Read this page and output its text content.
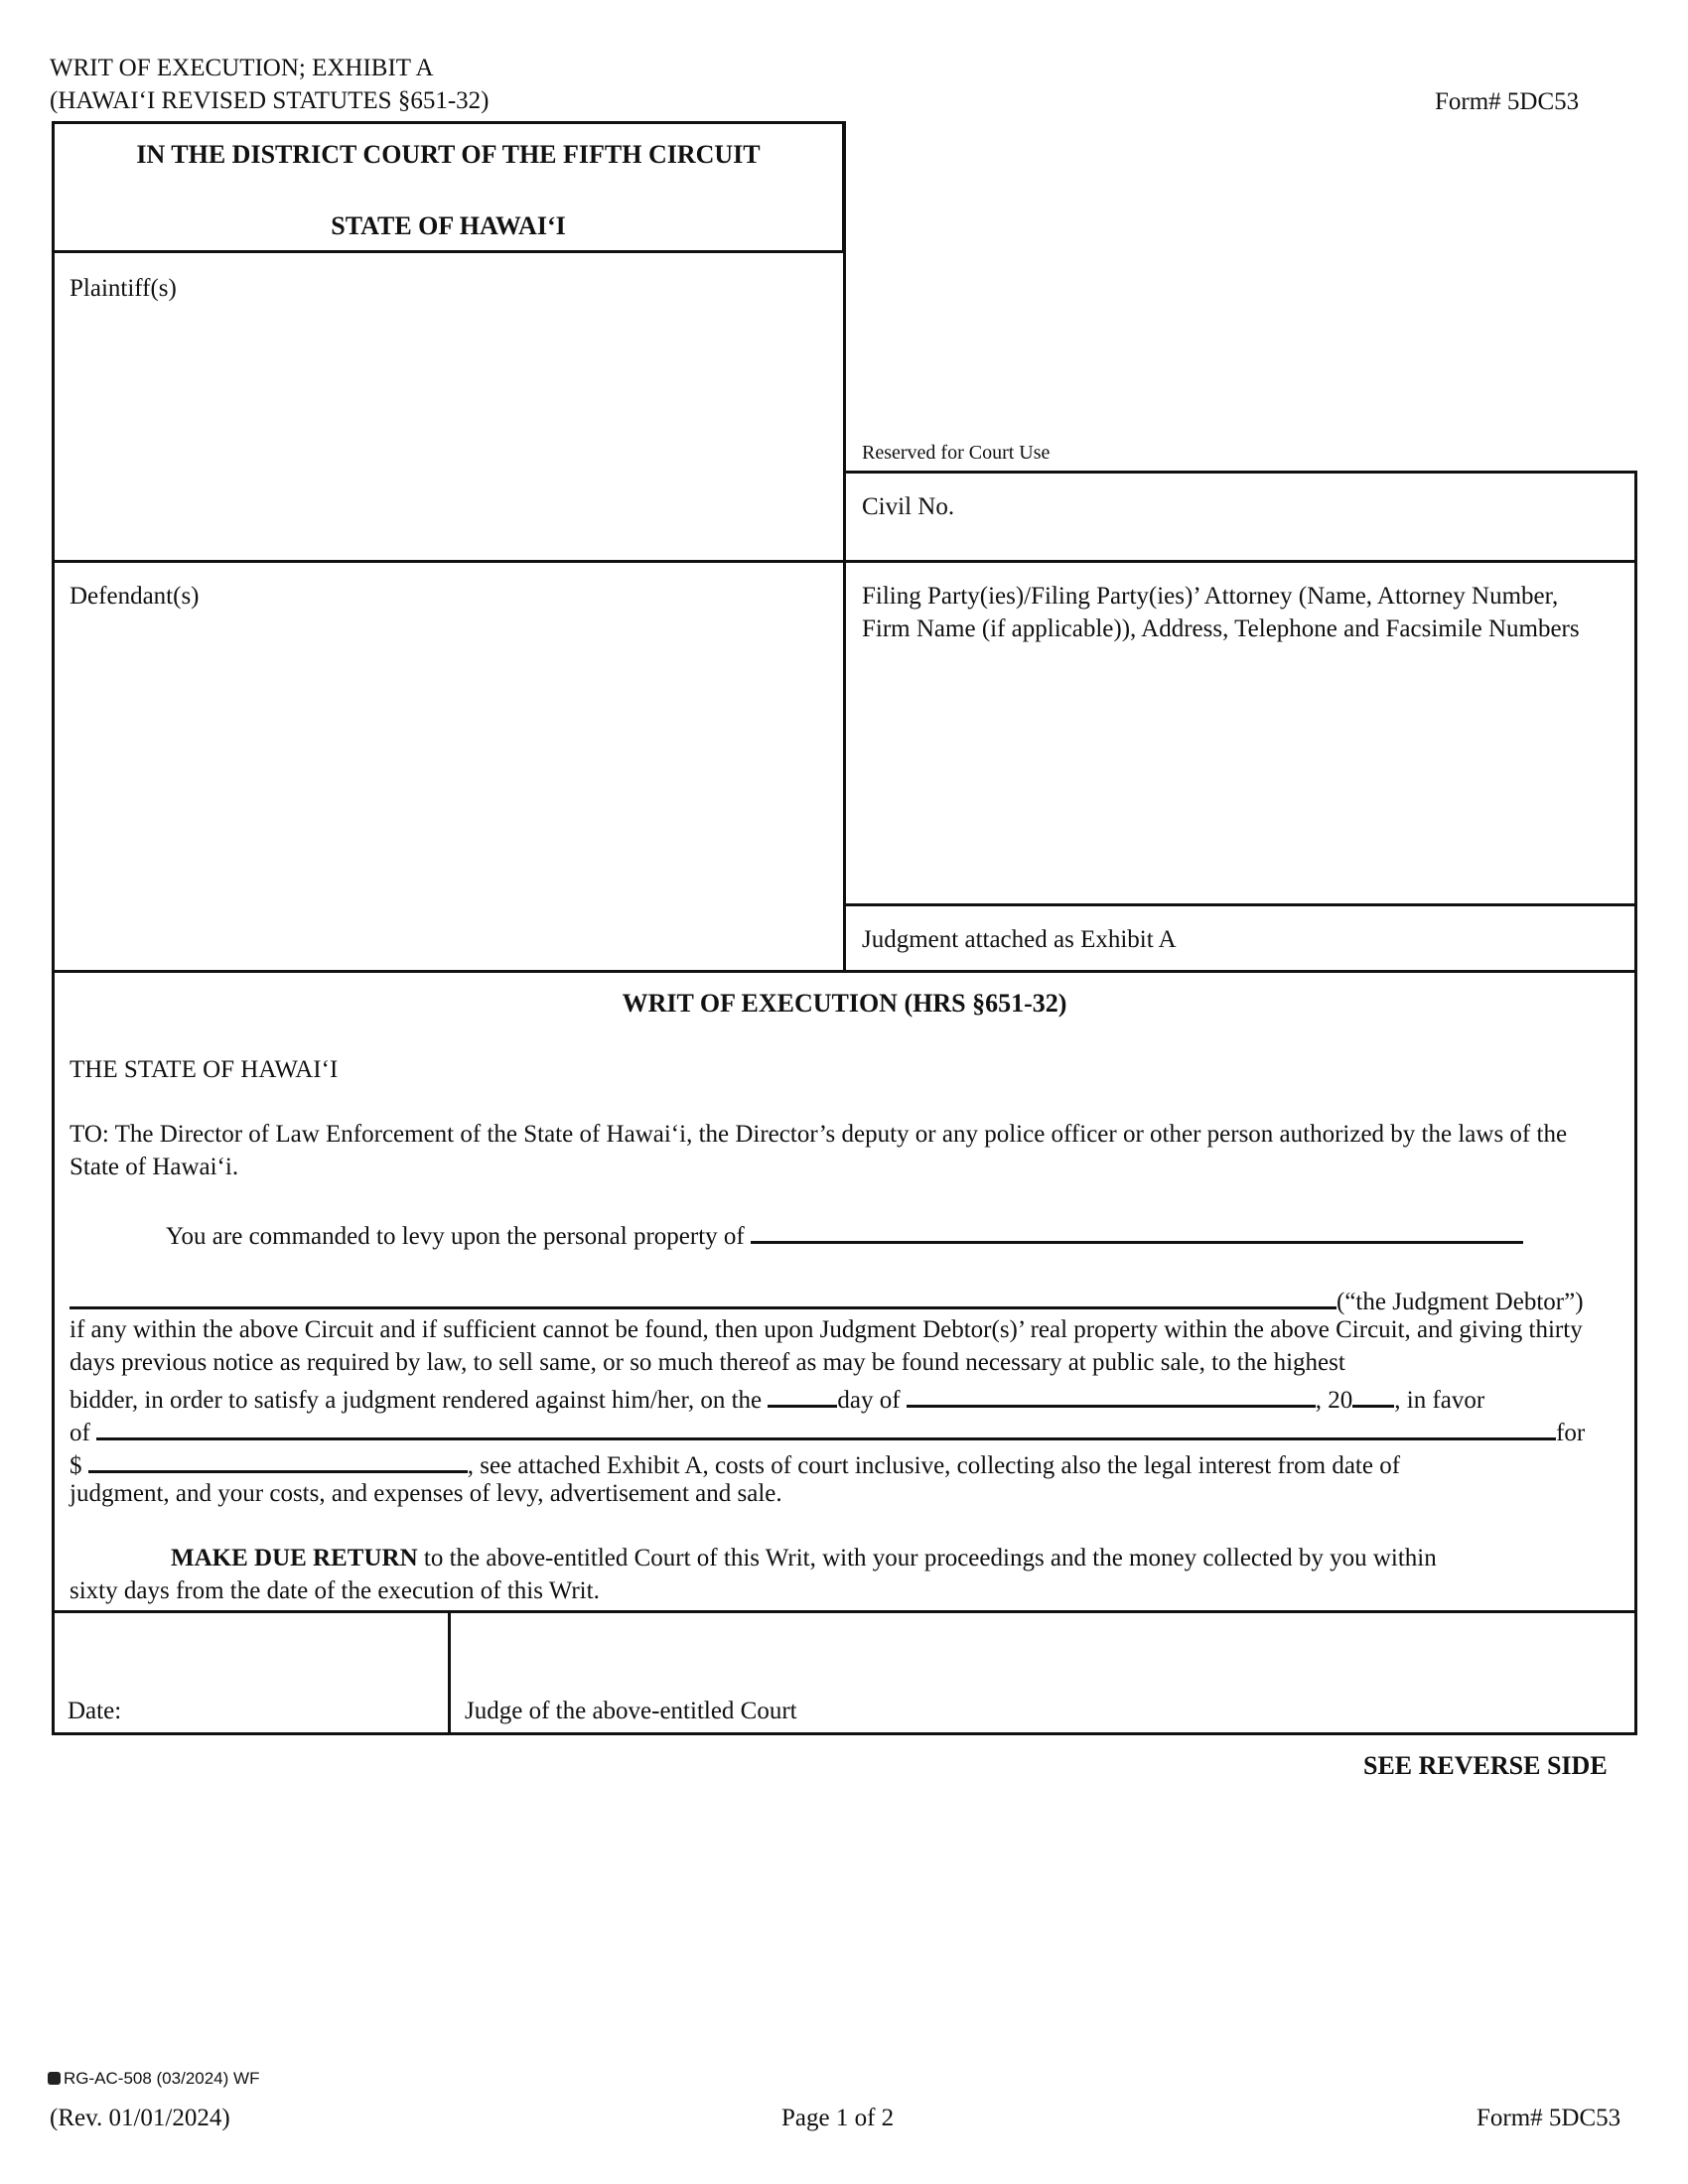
WRIT OF EXECUTION; EXHIBIT A
(HAWAI‘I REVISED STATUTES §651-32)	Form# 5DC53
IN THE DISTRICT COURT OF THE FIFTH CIRCUIT
STATE OF HAWAI‘I
Plaintiff(s)
Defendant(s)
Reserved for Court Use
Civil No.
Filing Party(ies)/Filing Party(ies)’ Attorney (Name, Attorney Number, Firm Name (if applicable)), Address, Telephone and Facsimile Numbers
Judgment attached as Exhibit A
WRIT OF EXECUTION (HRS §651-32)
THE STATE OF HAWAI‘I
TO: The Director of Law Enforcement of the State of Hawai‘i, the Director’s deputy or any police officer or other person authorized by the laws of the State of Hawai‘i.
You are commanded to levy upon the personal property of
(“the Judgment Debtor”)
if any within the above Circuit and if sufficient cannot be found, then upon Judgment Debtor(s)’ real property within the above Circuit, and giving thirty days previous notice as required by law, to sell same, or so much thereof as may be found necessary at public sale, to the highest
bidder, in order to satisfy a judgment rendered against him/her, on the	day of	, 20 , in favor
of	for
$	, see attached Exhibit A, costs of court inclusive, collecting also the legal interest from date of
judgment, and your costs, and expenses of levy, advertisement and sale.
MAKE DUE RETURN to the above-entitled Court of this Writ, with your proceedings and the money collected by you within
sixty days from the date of the execution of this Writ.
Date:	Judge of the above-entitled Court
SEE REVERSE SIDE
RG-AC-508 (03/2024) WF
(Rev. 01/01/2024)	Page 1 of 2	Form# 5DC53
